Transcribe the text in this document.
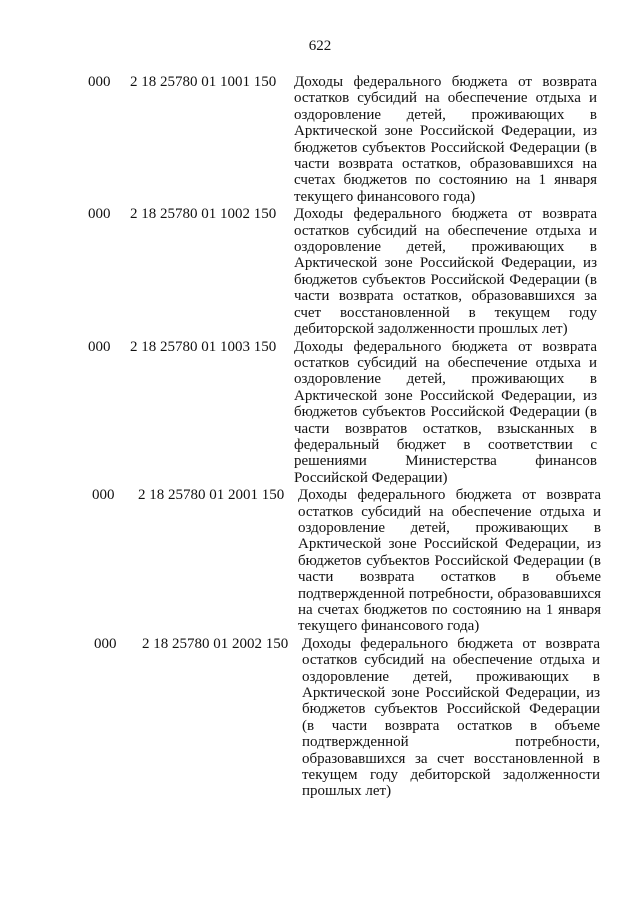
622
000	2 18 25780 01 1001 150	Доходы федерального бюджета от возврата остатков субсидий на обеспечение отдыха и оздоровление детей, проживающих в Арктической зоне Российской Федерации, из бюджетов субъектов Российской Федерации (в части возврата остатков, образовавшихся на счетах бюджетов по состоянию на 1 января текущего финансового года)
000	2 18 25780 01 1002 150	Доходы федерального бюджета от возврата остатков субсидий на обеспечение отдыха и оздоровление детей, проживающих в Арктической зоне Российской Федерации, из бюджетов субъектов Российской Федерации (в части возврата остатков, образовавшихся за счет восстановленной в текущем году дебиторской задолженности прошлых лет)
000	2 18 25780 01 1003 150	Доходы федерального бюджета от возврата остатков субсидий на обеспечение отдыха и оздоровление детей, проживающих в Арктической зоне Российской Федерации, из бюджетов субъектов Российской Федерации (в части возвратов остатков, взысканных в федеральный бюджет в соответствии с решениями Министерства финансов Российской Федерации)
000	2 18 25780 01 2001 150 Доходы федерального бюджета от возврата остатков субсидий на обеспечение отдыха и оздоровление детей, проживающих в Арктической зоне Российской Федерации, из бюджетов субъектов Российской Федерации (в части возврата остатков в объеме подтвержденной потребности, образовавшихся на счетах бюджетов по состоянию на 1 января текущего финансового года)
000	2 18 25780 01 2002 150 Доходы федерального бюджета от возврата остатков субсидий на обеспечение отдыха и оздоровление детей, проживающих в Арктической зоне Российской Федерации, из бюджетов субъектов Российской Федерации (в части возврата остатков в объеме подтвержденной потребности, образовавшихся за счет восстановленной в текущем году дебиторской задолженности прошлых лет)
